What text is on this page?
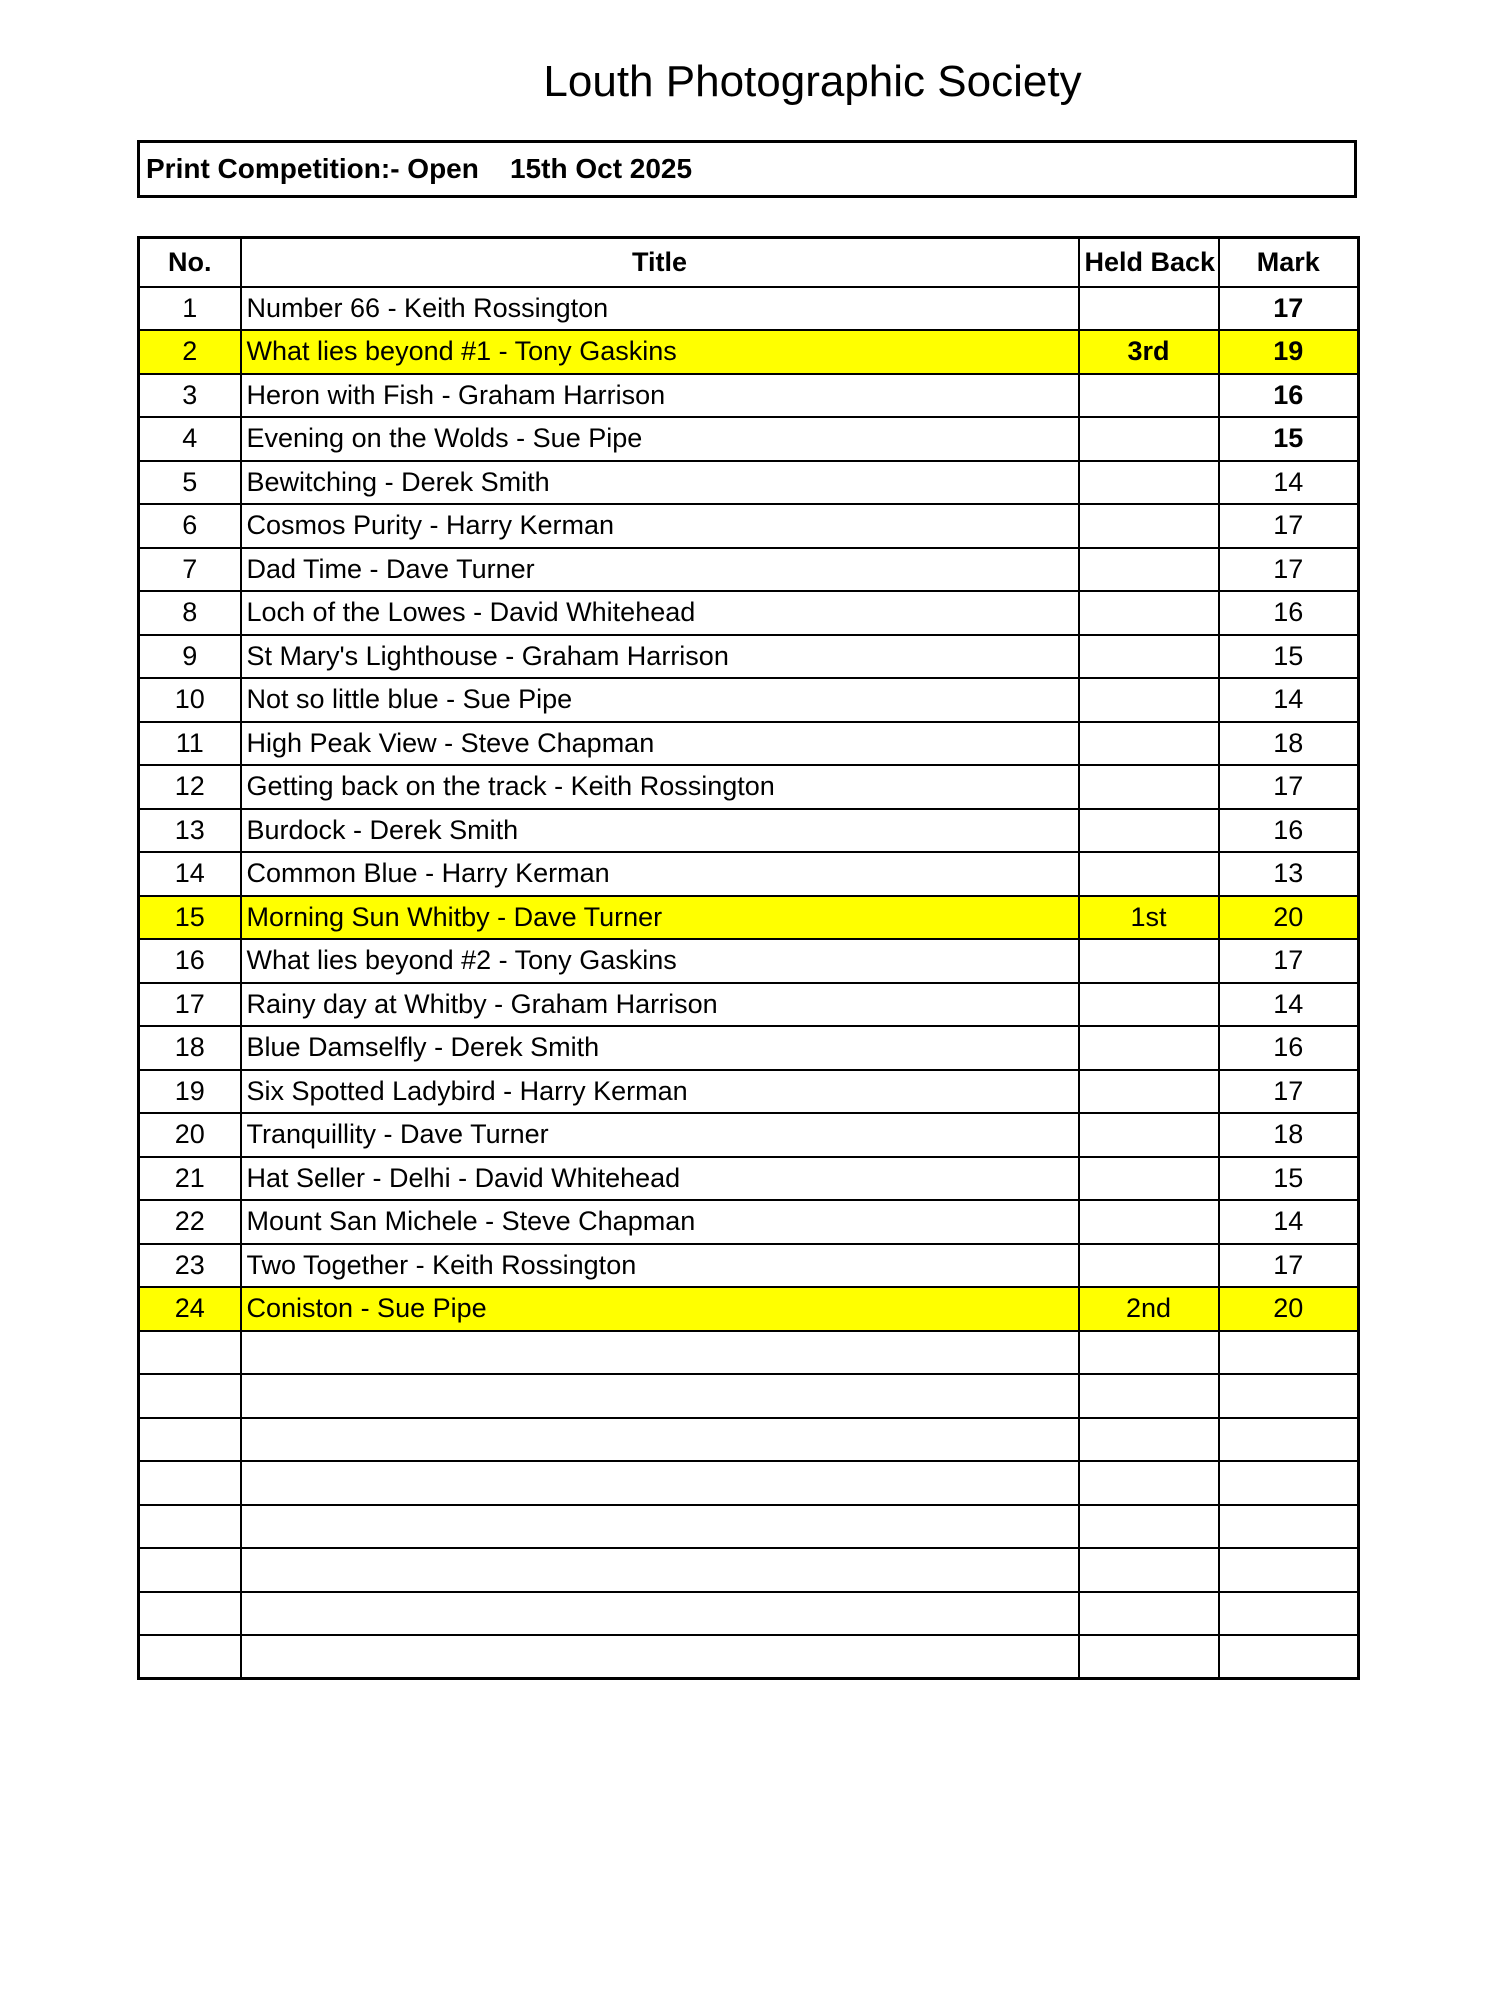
Louth Photographic Society
Print Competition:- Open 15th Oct 2025
No.	Title	Held Back	Mark
1	Number 66 - Keith Rossington		17
2	What lies beyond #1 - Tony Gaskins	3rd	19
3	Heron with Fish - Graham Harrison		16
4	Evening on the Wolds - Sue Pipe		15
5	Bewitching - Derek Smith		14
6	Cosmos Purity - Harry Kerman		17
7	Dad Time - Dave Turner		17
8	Loch of the Lowes - David Whitehead		16
9	St Mary's Lighthouse - Graham Harrison		15
10	Not so little blue - Sue Pipe		14
11	High Peak View - Steve Chapman		18
12	Getting back on the track - Keith Rossington		17
13	Burdock - Derek Smith		16
14	Common Blue - Harry Kerman		13
15	Morning Sun Whitby - Dave Turner	1st	20
16	What lies beyond #2 - Tony Gaskins		17
17	Rainy day at Whitby - Graham Harrison		14
18	Blue Damselfly - Derek Smith		16
19	Six Spotted Ladybird - Harry Kerman		17
20	Tranquillity - Dave Turner		18
21	Hat Seller - Delhi - David Whitehead		15
22	Mount San Michele - Steve Chapman		14
23	Two Together - Keith Rossington		17
24	Coniston - Sue Pipe	2nd	20
